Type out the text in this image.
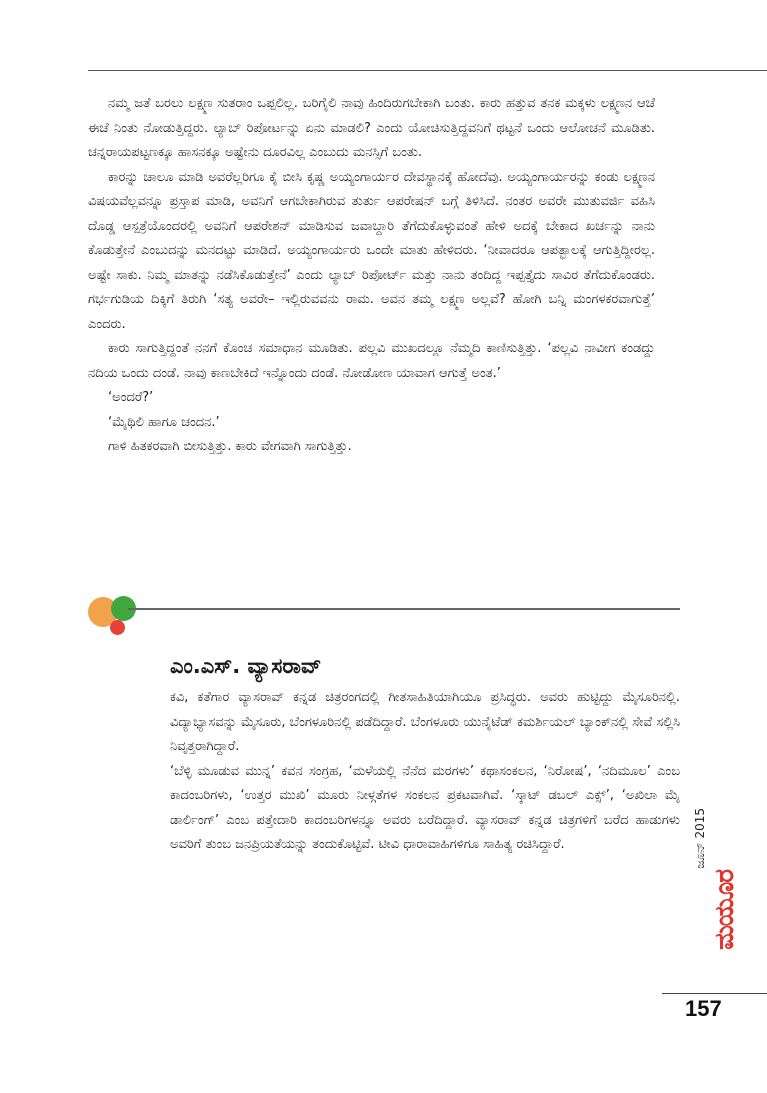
ನಮ್ಮ ಜತೆ ಬರಲು ಲಕ್ಷ್ಮಣ ಸುತರಾಂ ಒಪ್ಪಲಿಲ್ಲ. ಬರಿಗೈಲಿ ನಾವು ಹಿಂದಿರುಗಬೇಕಾಗಿ ಬಂತು. ಕಾರು ಹತ್ತುವ ತನಕ ಮಕ್ಕಳು ಲಕ್ಷ್ಮಣನ ಆಚೆ ಈಚೆ ನಿಂತು ನೋಡುತ್ತಿದ್ದರು. ಲ್ಯಾಬ್ ರಿಪೋರ್ಟನ್ನು ಏನು ಮಾಡಲಿ? ಎಂದು ಯೋಚಿಸುತ್ತಿದ್ದವನಿಗೆ ಥಟ್ಟನೆ ಒಂದು ಆಲೋಚನೆ ಮೂಡಿತು. ಚನ್ನರಾಯಪಟ್ಟಣಕ್ಕೂ ಹಾಸನಕ್ಕೂ ಅಷ್ಟೇನು ದೂರವಿಲ್ಲ ಎಂಬುದು ಮನಸ್ಸಿಗೆ ಬಂತು.

ಕಾರನ್ನು ಚಾಲೂ ಮಾಡಿ ಅವರೆಲ್ಲರಿಗೂ ಕೈ ಬೀಸಿ ಕೃಷ್ಣ ಅಯ್ಯಂಗಾರ್ಯರ ದೇವಸ್ಥಾನಕ್ಕೆ ಹೋದೆವು. ಅಯ್ಯಂಗಾರ್ಯರನ್ನು ಕಂಡು ಲಕ್ಷ್ಮಣನ ವಿಷಯವೆಲ್ಲವನ್ನೂ ಪ್ರಸ್ತಾಪ ಮಾಡಿ, ಅವನಿಗೆ ಆಗಬೇಕಾಗಿರುವ ತುರ್ತು ಆಪರೇಷನ್ ಬಗ್ಗೆ ತಿಳಿಸಿದೆ. ನಂತರ ಅವರೇ ಮುತುವರ್ಜಿ ವಹಿಸಿ ದೊಡ್ಡ ಆಸ್ಪತ್ರೆಯೊಂದರಲ್ಲಿ ಅವನಿಗೆ ಆಪರೇಶನ್ ಮಾಡಿಸುವ ಜವಾಬ್ದಾರಿ ತೆಗೆದುಕೊಳ್ಳುವಂತೆ ಹೇಳಿ ಅದಕ್ಕೆ ಬೇಕಾದ ಖರ್ಚನ್ನು ನಾನು ಕೊಡುತ್ತೇನೆ ಎಂಬುದನ್ನು ಮನದಟ್ಟು ಮಾಡಿದೆ. ಅಯ್ಯಂಗಾರ್ಯರು ಒಂದೇ ಮಾತು ಹೇಳಿದರು. ‘ನೀವಾದರೂ ಆಪತ್ಭಾಲಕ್ಕೆ ಆಗುತ್ತಿದ್ದೀರಲ್ಲ. ಅಷ್ಟೇ ಸಾಕು. ನಿಮ್ಮ ಮಾತನ್ನು ನಡೆಸಿಕೊಡುತ್ತೇನೆ’ ಎಂದು ಲ್ಯಾಬ್ ರಿಪೋರ್ಟ್ ಮತ್ತು ನಾನು ತಂದಿದ್ದ ಇಪ್ಪತ್ತೈದು ಸಾವಿರ ತೆಗೆದುಕೊಂಡರು. ಗರ್ಭಗುಡಿಯ ದಿಕ್ಕಿಗೆ ತಿರುಗಿ ‘ಸತ್ಯ ಅವರೇ– ಇಲ್ಲಿರುವವನು ರಾಮ. ಅವನ ತಮ್ಮ ಲಕ್ಷ್ಮಣ ಅಲ್ಲವೆ? ಹೋಗಿ ಬನ್ನಿ ಮಂಗಳಕರವಾಗುತ್ತೆ’ ಎಂದರು.

ಕಾರು ಸಾಗುತ್ತಿದ್ದಂತೆ ನನಗೆ ಕೊಂಚ ಸಮಾಧಾನ ಮೂಡಿತು. ಪಲ್ಲವಿ ಮುಖದಲ್ಲೂ ನೆಮ್ಮದಿ ಕಾಣಿಸುತ್ತಿತ್ತು. ‘ಪಲ್ಲವಿ ನಾವೀಗ ಕಂಡದ್ದು ನದಿಯ ಒಂದು ದಂಡೆ. ನಾವು ಕಾಣಬೇಕಿದೆ ಇನ್ನೊಂದು ದಂಡೆ. ನೋಡೋಣ ಯಾವಾಗ ಆಗುತ್ತೆ ಅಂತ.’

‘ಅಂದರೆ?’

‘ಮೈಥಿಲಿ ಹಾಗೂ ಚಂದನ.’

ಗಾಳಿ ಹಿತಕರವಾಗಿ ಬೀಸುತ್ತಿತ್ತು. ಕಾರು ವೇಗವಾಗಿ ಸಾಗುತ್ತಿತ್ತು.

ಎಂ.ಎಸ್. ವ್ಯಾಸರಾವ್

ಕವಿ, ಕತೆಗಾರ ವ್ಯಾಸರಾವ್ ಕನ್ನಡ ಚಿತ್ರರಂಗದಲ್ಲಿ ಗೀತಸಾಹಿತಿಯಾಗಿಯೂ ಪ್ರಸಿದ್ಧರು. ಅವರು ಹುಟ್ಟಿದ್ದು ಮೈಸೂರಿನಲ್ಲಿ. ವಿದ್ಯಾಭ್ಯಾಸವನ್ನು ಮೈಸೂರು, ಬೆಂಗಳೂರಿನಲ್ಲಿ ಪಡೆದಿದ್ದಾರೆ. ಬೆಂಗಳೂರು ಯುನೈಟೆಡ್ ಕಮರ್ಶಿಯಲ್ ಬ್ಯಾಂಕ್‌ನಲ್ಲಿ ಸೇವೆ ಸಲ್ಲಿಸಿ ನಿವೃತ್ತರಾಗಿದ್ದಾರೆ.

‘ಬೆಳ್ಳಿ ಮೂಡುವ ಮುನ್ನ’ ಕವನ ಸಂಗ್ರಹ, ‘ಮಳೆಯಲ್ಲಿ ನೆನೆದ ಮರಗಳು’ ಕಥಾಸಂಕಲನ, ‘ನಿರೋಷ’, ‘ನದಿಮೂಲ’ ಎಂಬ ಕಾದಂಬರಿಗಳು, ‘ಉತ್ತರ ಮುಖಿ’ ಮೂರು ನೀಳ್ಗತೆಗಳ ಸಂಕಲನ ಪ್ರಕಟವಾಗಿವೆ. ‘ಸ್ಕಾಟ್ ಡಬಲ್ ಎಕ್ಸ್’, ‘ಅಖಿಲಾ ಮೈ ಡಾರ್ಲಿಂಗ್’ ಎಂಬ ಪತ್ತೇದಾರಿ ಕಾದಂಬರಿಗಳನ್ನೂ ಅವರು ಬರೆದಿದ್ದಾರೆ. ವ್ಯಾಸರಾವ್ ಕನ್ನಡ ಚಿತ್ರಗಳಿಗೆ ಬರೆದ ಹಾಡುಗಳು ಅವರಿಗೆ ತುಂಬ ಜನಪ್ರಿಯತೆಯನ್ನು ತಂದುಕೊಟ್ಟಿವೆ. ಟೀವಿ ಧಾರಾವಾಹಿಗಳಿಗೂ ಸಾಹಿತ್ಯ ರಚಿಸಿದ್ದಾರೆ.	ಜೂನ್ 2015
ಮಯೂರ
157
